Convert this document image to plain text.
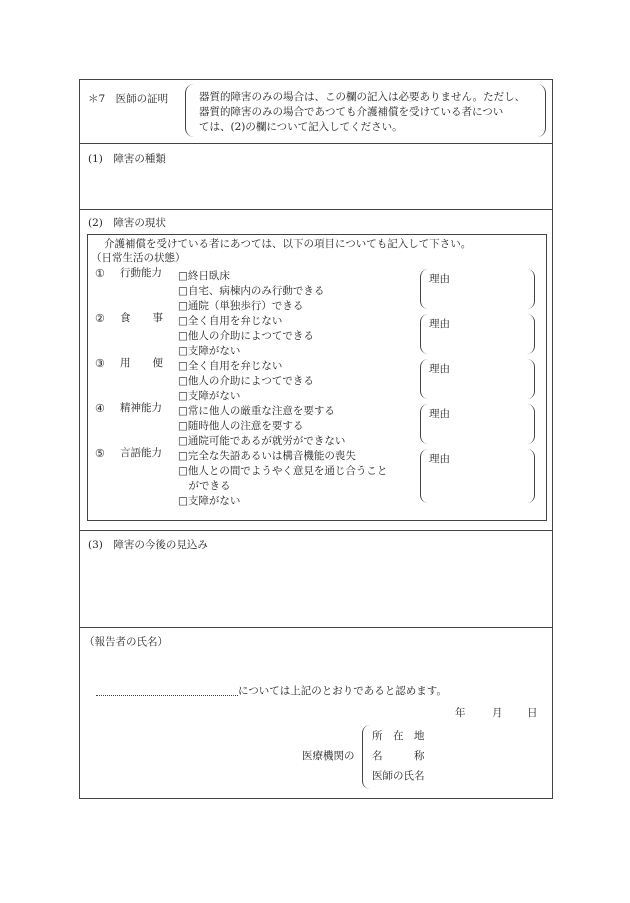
＊7　医師の証明	器質的障害のみの場合は、この欄の記入は必要ありません。ただし、
器質的障害のみの場合であつても介護補償を受けている者につい
ては、(2)の欄について記入してください。
(1)　障害の種類
(2)　障害の現状
介護補償を受けている者にあつては、以下の項目についても記入して下さい。
（日常生活の状態）
① 行動能力 □終日臥床
□自宅、病棟内のみ行動できる
□通院（単独歩行）できる
理由
② 食事
□全く自用を弁じない
□他人の介助によつてできる
□支障がない
理由
③ 用便
□全く自用を弁じない
□他人の介助によつてできる
□支障がない
理由
④ 精神能力 □常に他人の厳重な注意を要する
□随時他人の注意を要する
□通院可能であるが就労ができない
理由
⑤ 言語能力 □完全な失語あるいは構音機能の喪失
□他人との間でようやく意見を通じ合うこと
　ができる
□支障がない
理由
(3)　障害の今後の見込み
（報告者の氏名）
については上記のとおりであると認めます。
年	月 日
医療機関の
所　在　地
名　　　称
医師の氏名
